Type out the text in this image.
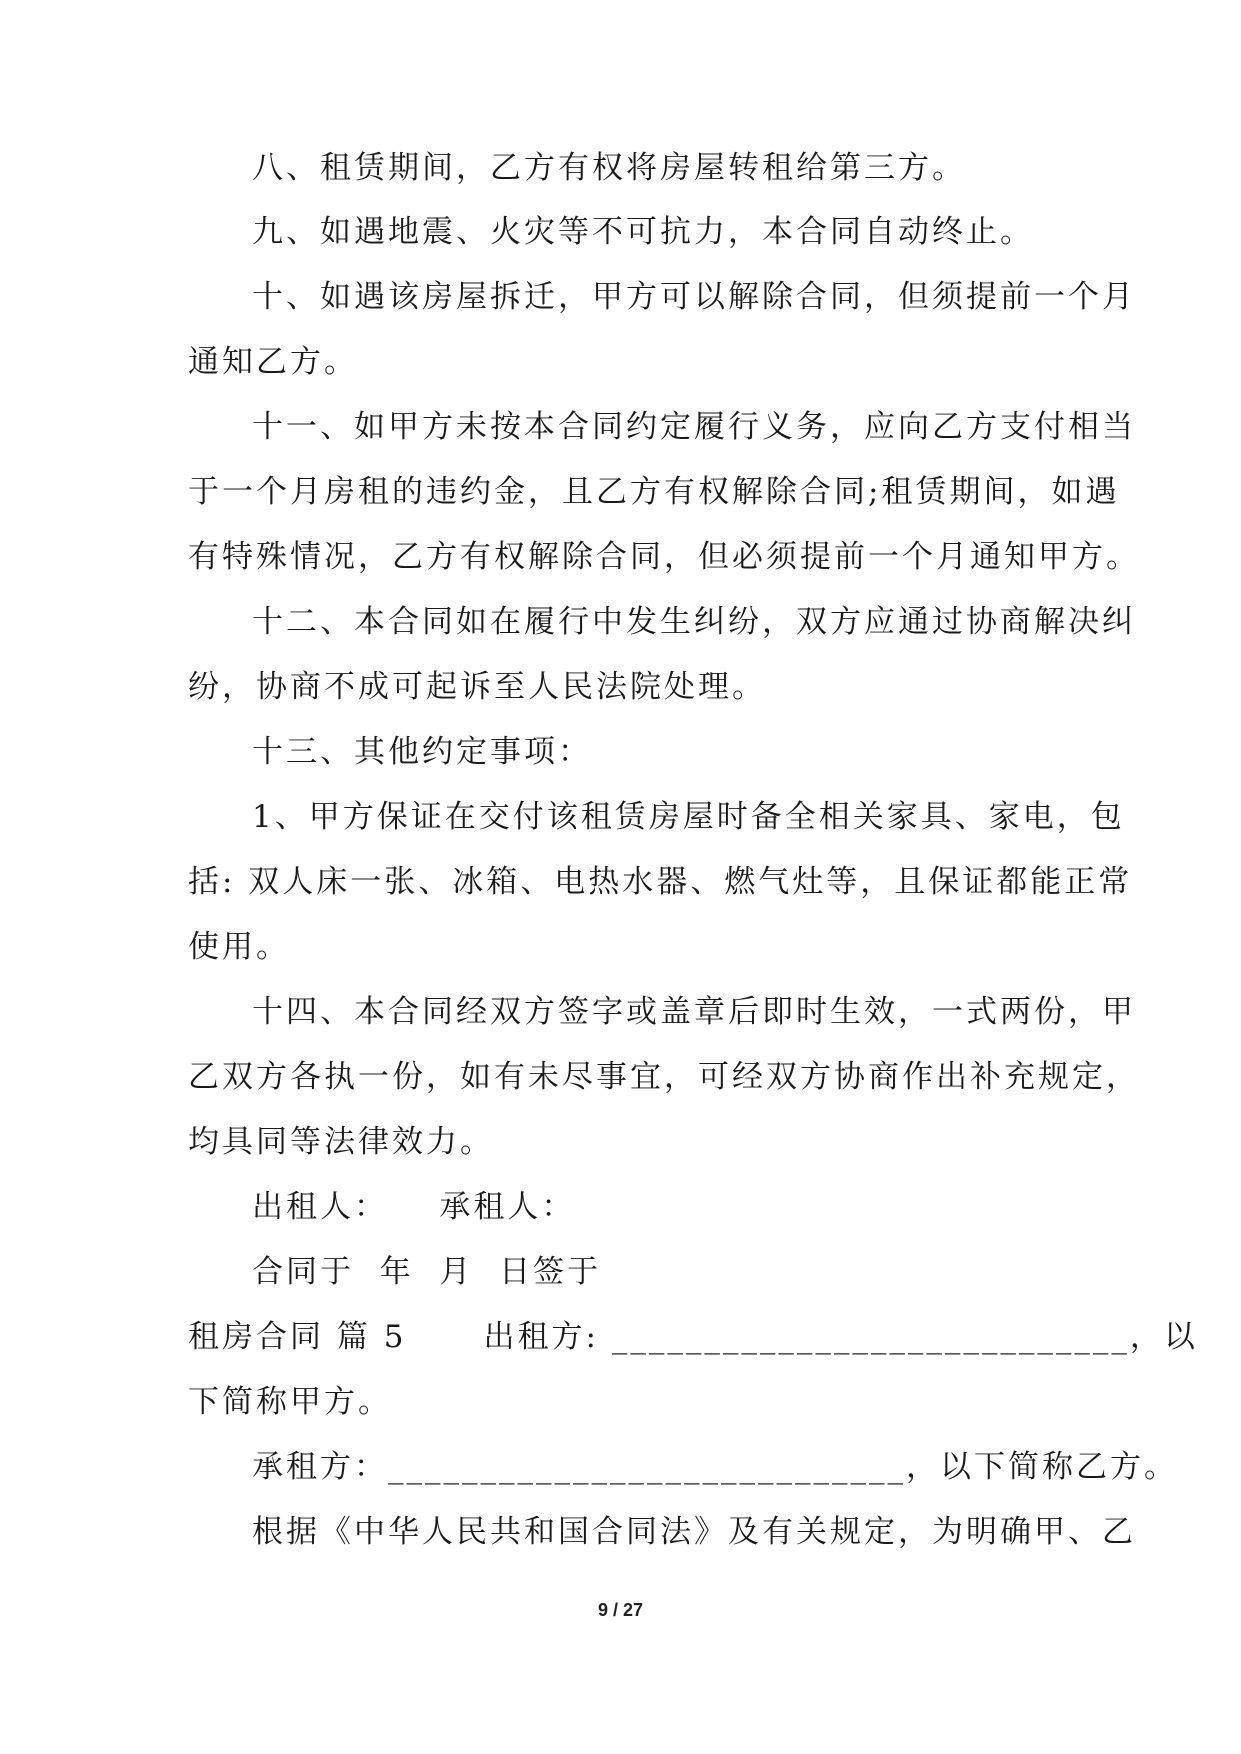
八、租赁期间，乙方有权将房屋转租给第三方。
九、如遇地震、火灾等不可抗力，本合同自动终止。
十、如遇该房屋拆迁，甲方可以解除合同，但须提前一个月
通知乙方。
十一、如甲方未按本合同约定履行义务，应向乙方支付相当
于一个月房租的违约金，且乙方有权解除合同;租赁期间，如遇
有特殊情况，乙方有权解除合同，但必须提前一个月通知甲方。
十二、本合同如在履行中发生纠纷，双方应通过协商解决纠
纷，协商不成可起诉至人民法院处理。
十三、其他约定事项：
1、甲方保证在交付该租赁房屋时备全相关家具、家电，包
括: 双人床一张、冰箱、电热水器、燃气灶等，且保证都能正常
使用。
十四、本合同经双方签字或盖章后即时生效，一式两份，甲
乙双方各执一份，如有未尽事宜，可经双方协商作出补充规定，
均具同等法律效力。
出租人：    承租人：
合同于  年  月  日签于
租房合同 篇 5      出租方: ____________________________，以
下简称甲方。
承租方：____________________________，以下简称乙方。
根据《中华人民共和国合同法》及有关规定，为明确甲、乙
9 / 27
